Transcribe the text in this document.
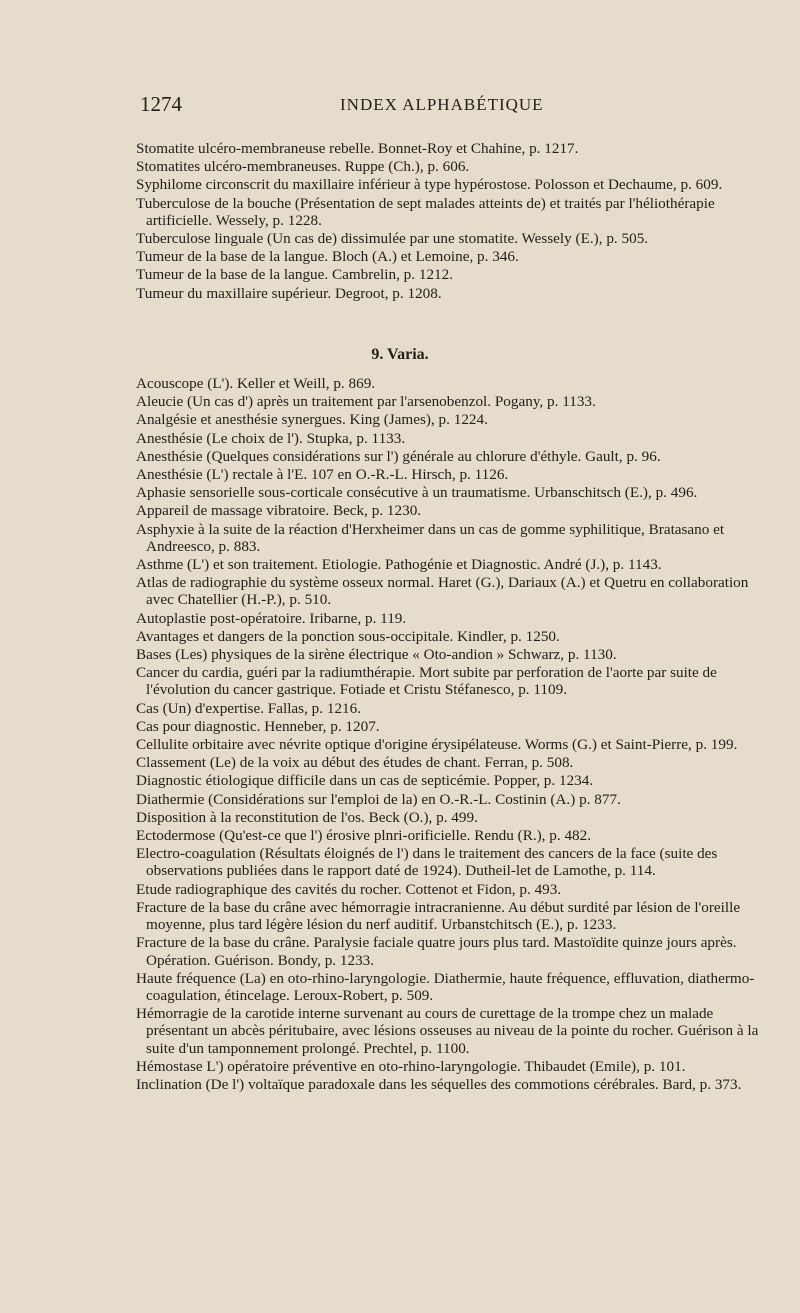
1274	INDEX ALPHABÉTIQUE

Stomatite ulcéro-membraneuse rebelle. Bonnet-Roy et Chahine, p. 1217.

Stomatites ulcéro-membraneuses. Ruppe (Ch.), p. 606.

Syphilome circonscrit du maxillaire inférieur à type hypérostose. Polosson et Dechaume, p. 609.

Tuberculose de la bouche (Présentation de sept malades atteints de) et traités par l'héliothérapie artificielle. Wessely, p. 1228.

Tuberculose linguale (Un cas de) dissimulée par une stomatite. Wessely (E.), p. 505.

Tumeur de la base de la langue. Bloch (A.) et Lemoine, p. 346.

Tumeur de la base de la langue. Cambrelin, p. 1212.

Tumeur du maxillaire supérieur. Degroot, p. 1208.

9. Varia.

Acouscope (L'). Keller et Weill, p. 869.

Aleucie (Un cas d') après un traitement par l'arsenobenzol. Pogany, p. 1133.

Analgésie et anesthésie synergues. King (James), p. 1224.

Anesthésie (Le choix de l'). Stupka, p. 1133.

Anesthésie (Quelques considérations sur l') générale au chlorure d'éthyle. Gault, p. 96.

Anesthésie (L') rectale à l'E. 107 en O.-R.-L. Hirsch, p. 1126.

Aphasie sensorielle sous-corticale consécutive à un traumatisme. Urbanschitsch (E.), p. 496.

Appareil de massage vibratoire. Beck, p. 1230.

Asphyxie à la suite de la réaction d'Herxheimer dans un cas de gomme syphilitique, Bratasano et Andreesco, p. 883.

Asthme (L') et son traitement. Etiologie. Pathogénie et Diagnostic. André (J.), p. 1143.

Atlas de radiographie du système osseux normal. Haret (G.), Dariaux (A.) et Quetru en collaboration avec Chatellier (H.-P.), p. 510.

Autoplastie post-opératoire. Iribarne, p. 119.

Avantages et dangers de la ponction sous-occipitale. Kindler, p. 1250.

Bases (Les) physiques de la sirène électrique « Oto-andion » Schwarz, p. 1130.

Cancer du cardia, guéri par la radiumthérapie. Mort subite par perforation de l'aorte par suite de l'évolution du cancer gastrique. Fotiade et Cristu Stéfanesco, p. 1109.

Cas (Un) d'expertise. Fallas, p. 1216.

Cas pour diagnostic. Henneber, p. 1207.

Cellulite orbitaire avec névrite optique d'origine érysipélateuse. Worms (G.) et Saint-Pierre, p. 199.

Classement (Le) de la voix au début des études de chant. Ferran, p. 508.

Diagnostic étiologique difficile dans un cas de septicémie. Popper, p. 1234.

Diathermie (Considérations sur l'emploi de la) en O.-R.-L. Costinin (A.) p. 877.

Disposition à la reconstitution de l'os. Beck (O.), p. 499.

Ectodermose (Qu'est-ce que l') érosive plnri-orificielle. Rendu (R.), p. 482.

Electro-coagulation (Résultats éloignés de l') dans le traitement des cancers de la face (suite des observations publiées dans le rapport daté de 1924). Dutheil-let de Lamothe, p. 114.

Etude radiographique des cavités du rocher. Cottenot et Fidon, p. 493.

Fracture de la base du crâne avec hémorragie intracranienne. Au début surdité par lésion de l'oreille moyenne, plus tard légère lésion du nerf auditif. Urbanstchitsch (E.), p. 1233.

Fracture de la base du crâne. Paralysie faciale quatre jours plus tard. Mastoïdite quinze jours après. Opération. Guérison. Bondy, p. 1233.

Haute fréquence (La) en oto-rhino-laryngologie. Diathermie, haute fréquence, effluvation, diathermo-coagulation, étincelage. Leroux-Robert, p. 509.

Hémorragie de la carotide interne survenant au cours de curettage de la trompe chez un malade présentant un abcès péritubaire, avec lésions osseuses au niveau de la pointe du rocher. Guérison à la suite d'un tamponnement prolongé. Prechtel, p. 1100.

Hémostase L') opératoire préventive en oto-rhino-laryngologie. Thibaudet (Emile), p. 101.

Inclination (De l') voltaïque paradoxale dans les séquelles des commotions cérébrales. Bard, p. 373.
